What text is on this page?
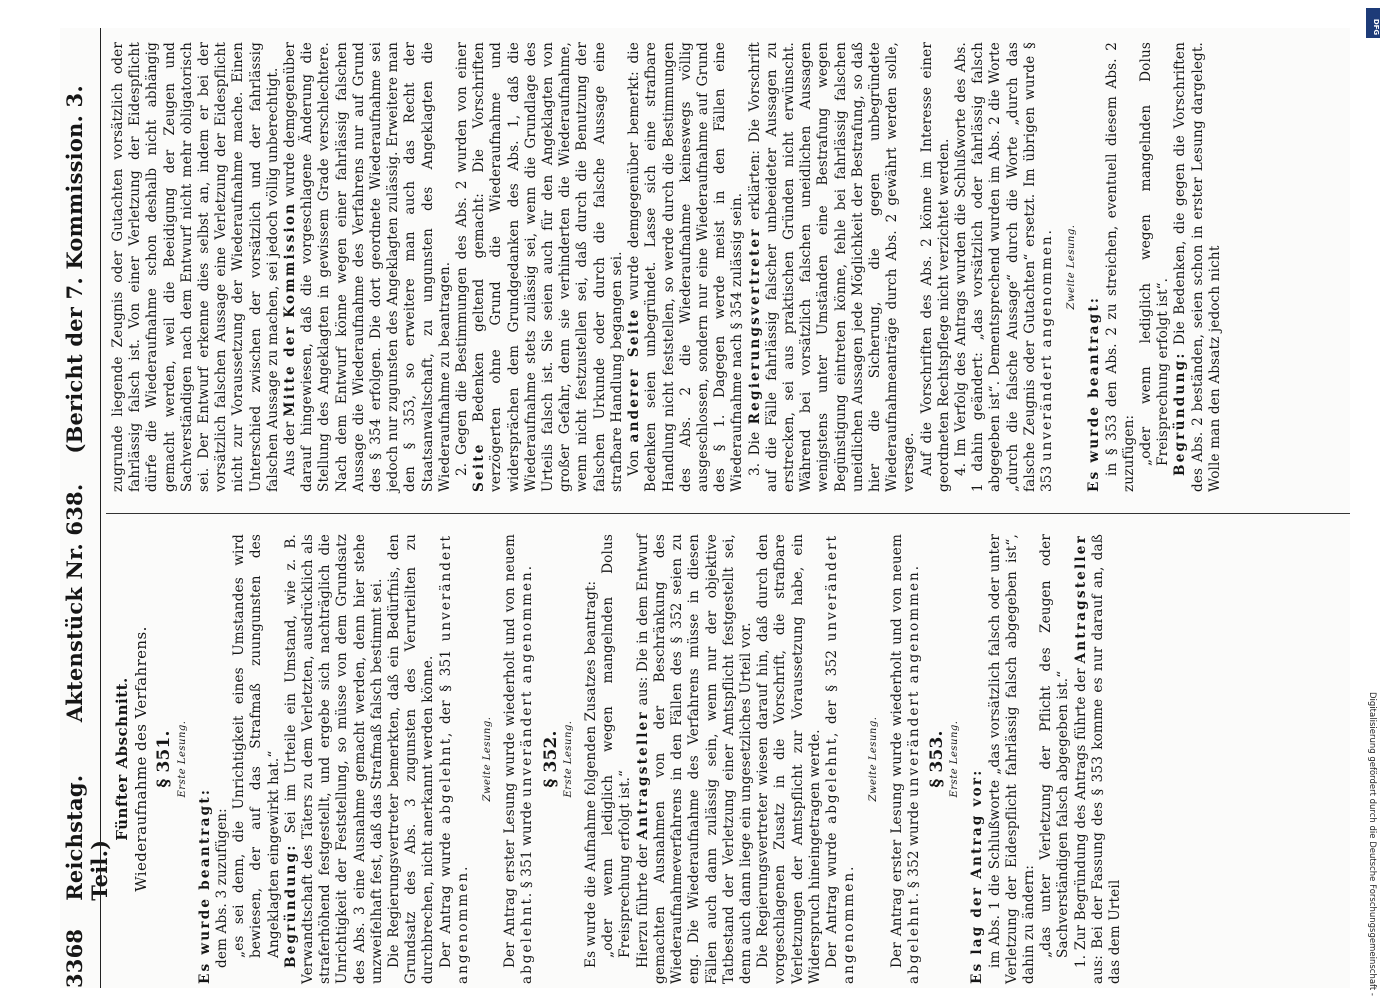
3368
Reichstag.       Aktenstück Nr. 638.    (Bericht der 7. Kommission. 3. Teil.)
Fünfter Abschnitt. Wiederaufnahme des Verfahrens. § 351. Erste Lesung.

Es wurde beantragt: dem Abs. 3 zuzufügen: „es sei denn, die Unrichtigkeit eines Umstandes wird bewiesen, der auf das Strafmaß zuungunsten des Angeklagten eingewirkt hat.“ Begründung: Sei im Urteile ein Umstand, wie z. B. Verwandtschaft des Täters zu dem Verletzten, ausdrücklich als straferhöhend festgestellt, und ergebe sich nachträglich die Unrichtigkeit der Feststellung, so müsse von dem Grundsatz des Abs. 3 eine Ausnahme gemacht werden, denn hier stehe unzweifelhaft fest, daß das Strafmaß falsch bestimmt sei. Die Regierungsvertreter bemerkten, daß ein Bedürfnis, den Grundsatz des Abs. 3 zugunsten des Verurteilten zu durchbrechen, nicht anerkannt werden könne. Der Antrag wurde abgelehnt, der § 351 unverändert angenommen.

Zweite Lesung. Der Antrag erster Lesung wurde wiederholt und von neuem abgelehnt. § 351 wurde unverändert angenommen. § 352. Erste Lesung. Es wurde die Aufnahme folgenden Zusatzes beantragt: „oder wenn lediglich wegen mangelnden Dolus Freisprechung erfolgt ist.“ Hierzu führte der Antragsteller aus: Die in dem Entwurf gemachten Ausnahmen von der Beschränkung des Wiederaufnahmeverfahrens in den Fällen des § 352 seien zu eng. Die Wiederaufnahme des Verfahrens müsse in diesen Fällen auch dann zulässig sein, wenn nur der objektive Tatbestand der Verletzung einer Amtspflicht festgestellt sei, denn auch dann liege ein ungesetzliches Urteil vor. Die Regierungsvertreter wiesen darauf hin, daß durch den vorgeschlagenen Zusatz in die Vorschrift, die strafbare Verletzungen der Amtspflicht zur Voraussetzung habe, ein Widerspruch hineingetragen werde. Der Antrag wurde abgelehnt, der § 352 unverändert angenommen.

Zweite Lesung. Der Antrag erster Lesung wurde wiederholt und von neuem abgelehnt. § 352 wurde unverändert angenommen. § 353. Erste Lesung.

Es lag der Antrag vor: im Abs. 1 die Schlußworte „das vorsätzlich falsch oder unter Verletzung der Eidespflicht fahrlässig falsch abgegeben ist“, dahin zu ändern: „das unter Verletzung der Pflicht des Zeugen oder Sachverständigen falsch abgegeben ist.“ 1. Zur Begründung des Antrags führte der Antragsteller aus: Bei der Fassung des § 353 komme es nur darauf an, daß das dem Urteil

zugrunde liegende Zeugnis oder Gutachten vorsätzlich oder fahrlässig falsch ist. Von einer Verletzung der Eidespflicht dürfe die Wiederaufnahme schon deshalb nicht abhängig gemacht werden, weil die Beeidigung der Zeugen und Sachverständigen nach dem Entwurf nicht mehr obligatorisch sei. Der Entwurf erkenne dies selbst an, indem er bei der vorsätzlich falschen Aussage eine Verletzung der Eidespflicht nicht zur Voraussetzung der Wiederaufnahme mache. Einen Unterschied zwischen der vorsätzlich und der fahrlässig falschen Aussage zu machen, sei jedoch völlig unberechtigt. Aus der Mitte der Kommission wurde demgegenüber darauf hingewiesen, daß die vorgeschlagene Änderung die Stellung des Angeklagten in gewissem Grade verschlechtere. Nach dem Entwurf könne wegen einer fahrlässig falschen Aussage die Wiederaufnahme des Verfahrens nur auf Grund des § 354 erfolgen. Die dort geordnete Wiederaufnahme sei jedoch nur zugunsten des Angeklagten zulässig. Erweitere man den § 353, so erweitere man auch das Recht der Staatsanwaltschaft, zu ungunsten des Angeklagten die Wiederaufnahme zu beantragen. 2. Gegen die Bestimmungen des Abs. 2 wurden von einer Seite Bedenken geltend gemacht: Die Vorschriften verzögerten ohne Grund die Wiederaufnahme und widersprächen dem Grundgedanken des Abs. 1, daß die Wiederaufnahme stets zulässig sei, wenn die Grundlage des Urteils falsch ist. Sie seien auch für den Angeklagten von großer Gefahr, denn sie verhinderten die Wiederaufnahme, wenn nicht festzustellen sei, daß durch die Benutzung der falschen Urkunde oder durch die falsche Aussage eine strafbare Handlung begangen sei. Von anderer Seite wurde demgegenüber bemerkt: die Bedenken seien unbegründet. Lasse sich eine strafbare Handlung nicht feststellen, so werde durch die Bestimmungen des Abs. 2 die Wiederaufnahme keineswegs völlig ausgeschlossen, sondern nur eine Wiederaufnahme auf Grund des § 1. Dagegen werde meist in den Fällen eine Wiederaufnahme nach § 354 zulässig sein. 3. Die Regierungsvertreter erklärten: Die Vorschrift auf die Fälle fahrlässig falscher unbeeideter Aussagen zu erstrecken, sei aus praktischen Gründen nicht erwünscht. Während bei vorsätzlich falschen uneidlichen Aussagen wenigstens unter Umständen eine Bestrafung wegen Begünstigung eintreten könne, fehle bei fahrlässig falschen uneidlichen Aussagen jede Möglichkeit der Bestrafung, so daß hier die Sicherung, die gegen unbegründete Wiederaufnahmeanträge durch Abs. 2 gewährt werden solle, versage. Auf die Vorschriften des Abs. 2 könne im Interesse einer geordneten Rechtspflege nicht verzichtet werden. 4. Im Verfolg des Antrags wurden die Schlußworte des Abs. 1 dahin geändert: „das vorsätzlich oder fahrlässig falsch abgegeben ist“. Dementsprechend wurden im Abs. 2 die Worte „durch die falsche Aussage“ durch die Worte „durch das falsche Zeugnis oder Gutachten“ ersetzt. Im übrigen wurde § 353 unverändert angenommen.	Zweite Lesung.

Es wurde beantragt: in § 353 den Abs. 2 zu streichen, eventuell diesem Abs. 2 zuzufügen: „oder wenn lediglich wegen mangelnden Dolus Freisprechung erfolgt ist“. Begründung: Die Bedenken, die gegen die Vorschriften des Abs. 2 beständen, seien schon in erster Lesung dargelegt. Wolle man den Absatz jedoch nicht

DFG
Digitalisierung gefördert durch die Deutsche Forschungsgemeinschaft -
